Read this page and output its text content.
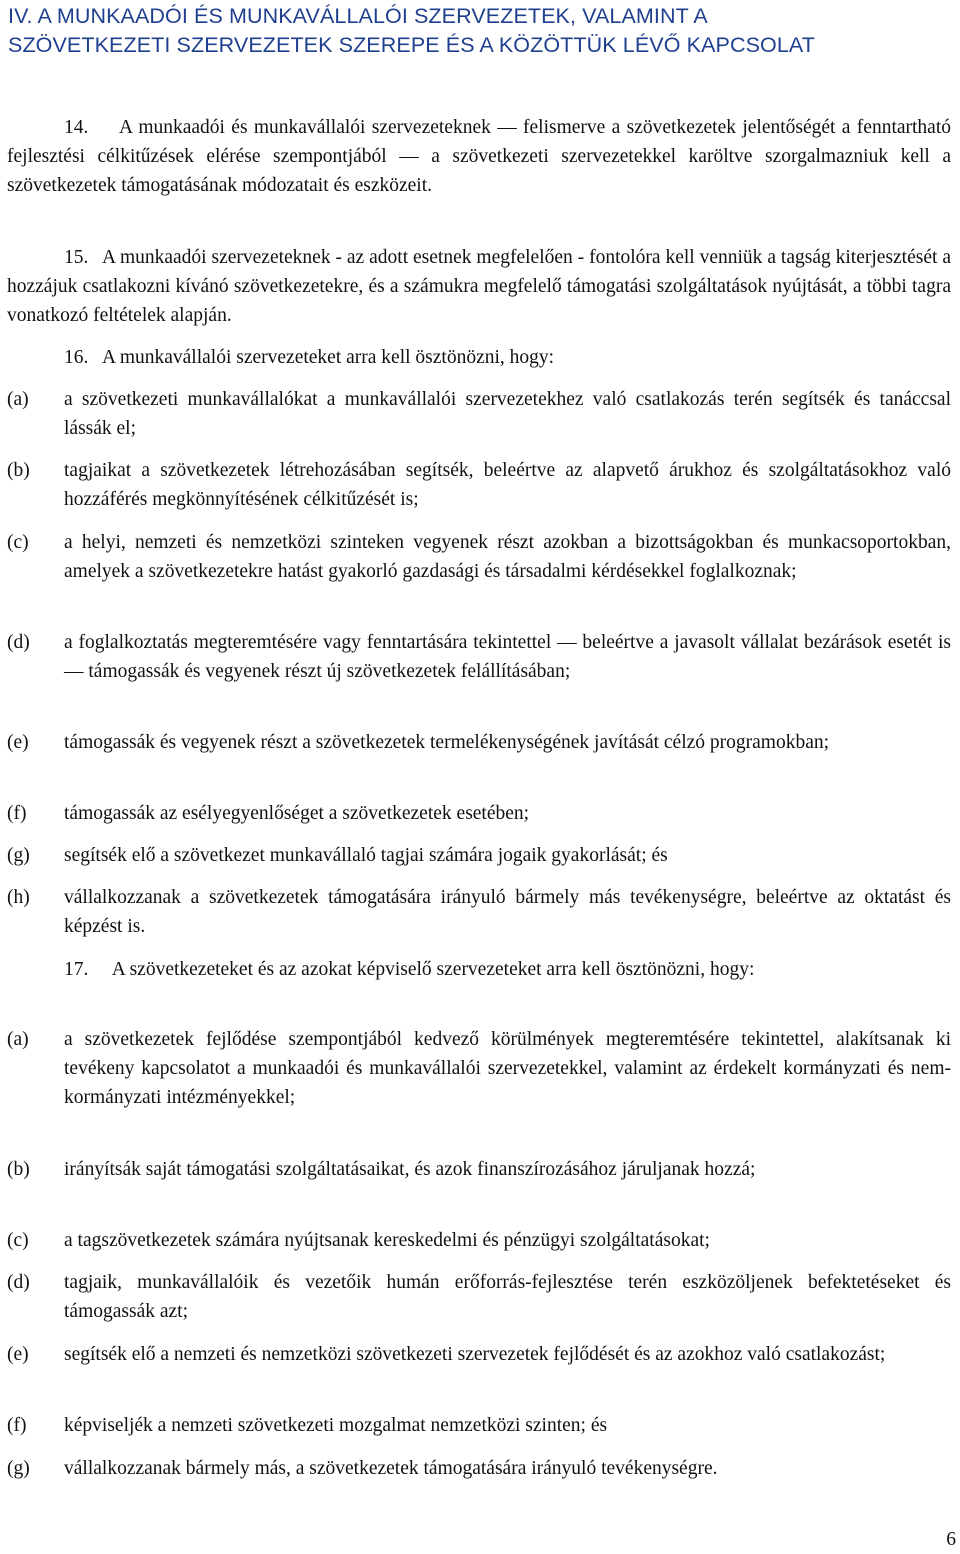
IV. A MUNKAADÓI ÉS MUNKAVÁLLALÓI SZERVEZETEK, VALAMINT A
SZÖVETKEZETI SZERVEZETEK SZEREPE ÉS A KÖZÖTTÜK LÉVŐ KAPCSOLAT
14. A munkaadói és munkavállalói szervezeteknek ― felismerve a szövetkezetek jelentőségét a fenntartható fejlesztési célkitűzések elérése szempontjából ― a szövetkezeti szervezetekkel karöltve szorgalmazniuk kell a szövetkezetek támogatásának módozatait és eszközeit.
15. A munkaadói szervezeteknek - az adott esetnek megfelelően - fontolóra kell venniük a tagság kiterjesztését a hozzájuk csatlakozni kívánó szövetkezetekre, és a számukra megfelelő támogatási szolgáltatások nyújtását, a többi tagra vonatkozó feltételek alapján.
16. A munkavállalói szervezeteket arra kell ösztönözni, hogy:
(a)	a szövetkezeti munkavállalókat a munkavállalói szervezetekhez való csatlakozás terén segítsék és tanáccsal lássák el;
(b)	tagjaikat a szövetkezetek létrehozásában segítsék, beleértve az alapvető árukhoz és szolgáltatásokhoz való hozzáférés megkönnyítésének célkitűzését is;
(c)	a helyi, nemzeti és nemzetközi szinteken vegyenek részt azokban a bizottságokban és munkacsoportokban, amelyek a szövetkezetekre hatást gyakorló gazdasági és társadalmi kérdésekkel foglalkoznak;
(d)	a foglalkoztatás megteremtésére vagy fenntartására tekintettel ― beleértve a javasolt vállalat bezárások esetét is ― támogassák és vegyenek részt új szövetkezetek felállításában;
(e)	támogassák és vegyenek részt a szövetkezetek termelékenységének javítását célzó programokban;
(f)	támogassák az esélyegyenlőséget a szövetkezetek esetében;
(g)	segítsék elő a szövetkezet munkavállaló tagjai számára jogaik gyakorlását; és
(h)	vállalkozzanak a szövetkezetek támogatására irányuló bármely más tevékenységre, beleértve az oktatást és képzést is.
17. A szövetkezeteket és az azokat képviselő szervezeteket arra kell ösztönözni, hogy:
(a)	a szövetkezetek fejlődése szempontjából kedvező körülmények megteremtésére tekintettel, alakítsanak ki tevékeny kapcsolatot a munkaadói és munkavállalói szervezetekkel, valamint az érdekelt kormányzati és nem-kormányzati intézményekkel;
(b)	irányítsák saját támogatási szolgáltatásaikat, és azok finanszírozásához járuljanak hozzá;
(c)	a tagszövetkezetek számára nyújtsanak kereskedelmi és pénzügyi szolgáltatásokat;
(d)	tagjaik, munkavállalóik és vezetőik humán erőforrás-fejlesztése terén eszközöljenek befektetéseket és támogassák azt;
(e)	segítsék elő a nemzeti és nemzetközi szövetkezeti szervezetek fejlődését és az azokhoz való csatlakozást;
(f)	képviseljék a nemzeti szövetkezeti mozgalmat nemzetközi szinten; és
(g)	vállalkozzanak bármely más, a szövetkezetek támogatására irányuló tevékenységre.
6
